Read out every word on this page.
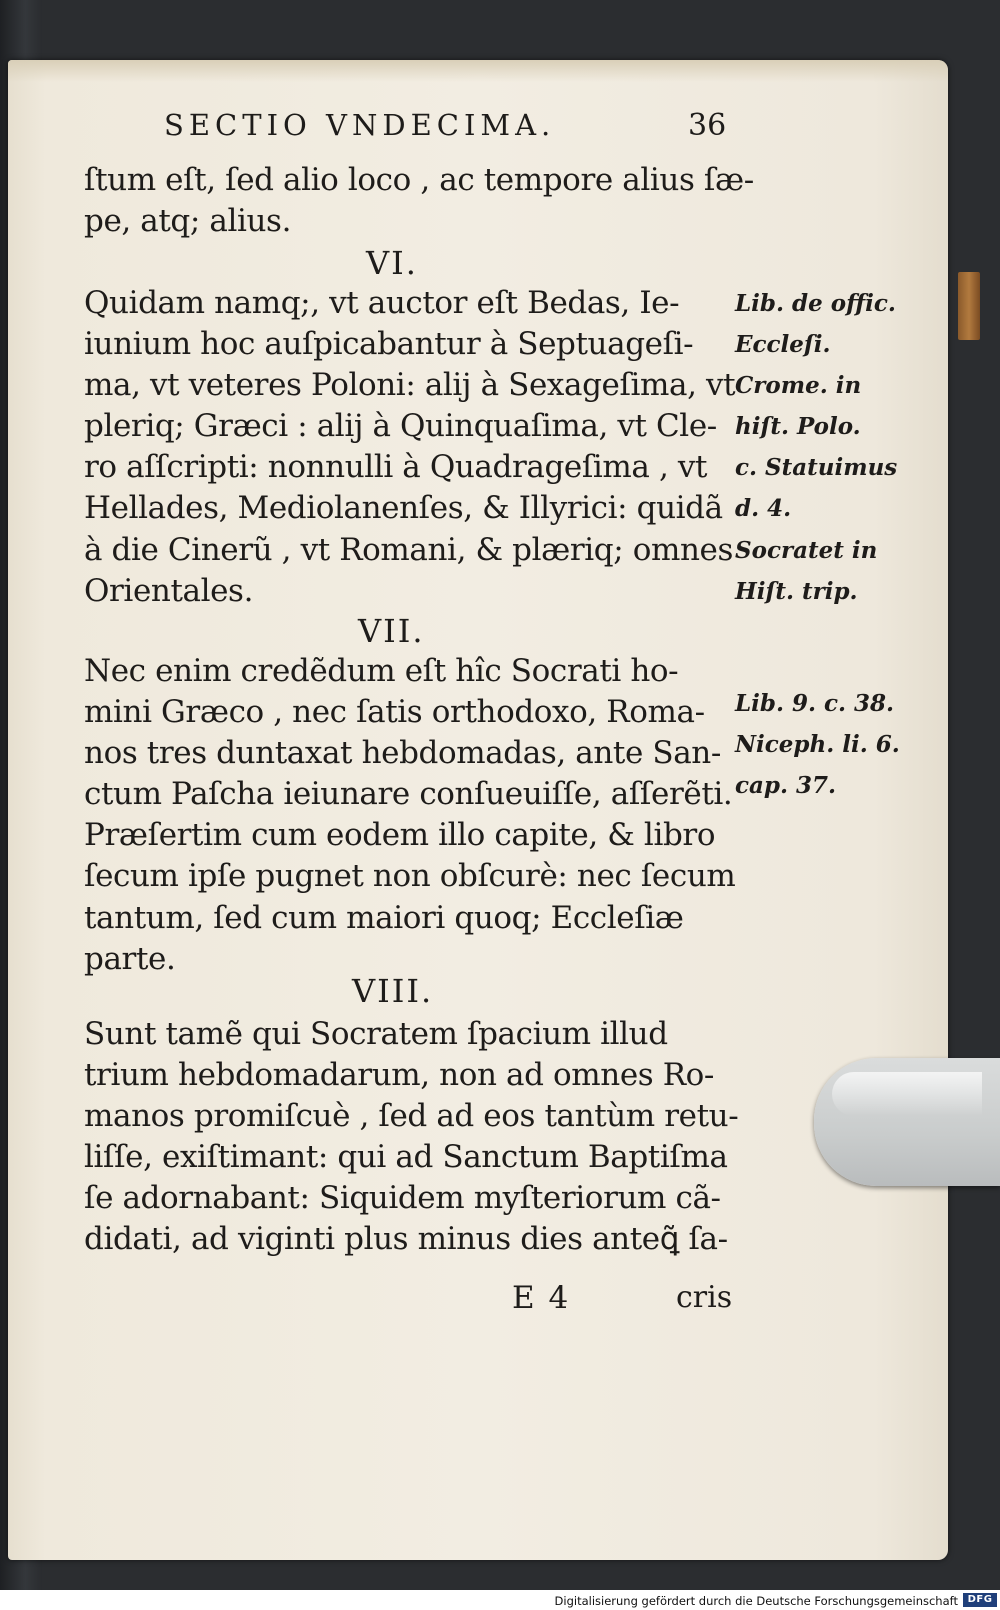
SECTIO VNDECIMA.	36

ſtum eſt, ſed alio loco , ac tempore alius ſæ-
pe, atq; alius.

VI.

Quidam namq;, vt auctor eſt Bedas, Ie-
iunium hoc auſpicabantur à Septuageſi-
ma, vt veteres Poloni: alij à Sexageſima, vt
pleriq; Græci : alij à Quinquaſima, vt Cle-
ro aſſcripti: nonnulli à Quadrageſima , vt
Hellades, Mediolanenſes, & Illyrici: quidã
à die Cinerũ , vt Romani, & plæriq; omnes
Orientales.

Lib. de offic.
Eccleſi.
Crome. in
hiſt. Polo.
c. Statuimus
d. 4.
Socratet in
Hiſt. trip.

VII.

Nec enim credẽdum eſt hîc Socrati ho-
mini Græco , nec ſatis orthodoxo, Roma-
nos tres duntaxat hebdomadas, ante San-
ctum Paſcha ieiunare conſueuiſſe, aſſerẽti.
Præſertim cum eodem illo capite, & libro
ſecum ipſe pugnet non obſcurè: nec ſecum
tantum, ſed cum maiori quoq; Eccleſiæ
parte.

Lib. 9. c. 38.
Niceph. li. 6.
cap. 37.

VIII.

Sunt tamẽ qui Socratem ſpacium illud
trium hebdomadarum, non ad omnes Ro-
manos promiſcuè , ſed ad eos tantùm retu-
liſſe, exiſtimant: qui ad Sanctum Baptiſma
ſe adornabant: Siquidem myſteriorum cã-
didati, ad viginti plus minus dies anteꝗ̃ ſa-

E 4	cris

Digitalisierung gefördert durch die Deutsche Forschungsgemeinschaft DFG
